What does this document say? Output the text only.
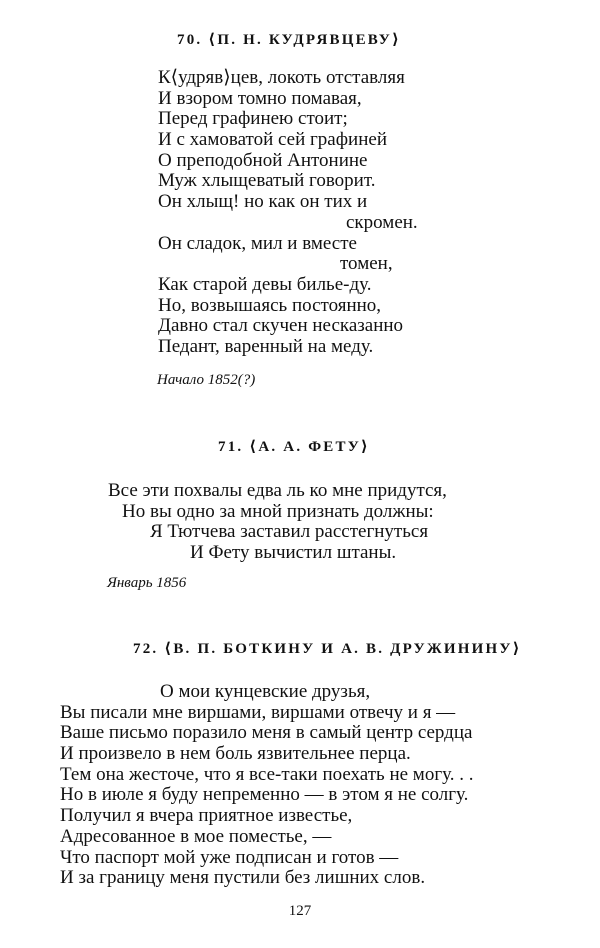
70. ⟨П. Н. КУДРЯВЦЕВУ⟩
К⟨удряв⟩цев, локоть отставляя
И взором томно помавая,
Перед графинею стоит;
И с хамоватой сей графиней
О преподобной Антонине
Муж хлыщеватый говорит.
Он хлыщ! но как он тих и
скромен.
Он сладок, мил и вместе
томен,
Как старой девы билье-ду.
Но, возвышаясь постоянно,
Давно стал скучен несказанно
Педант, варенный на меду.
Начало 1852(?)
71. ⟨А. А. ФЕТУ⟩
Все эти похвалы едва ль ко мне придутся,
Но вы одно за мной признать должны:
Я Тютчева заставил расстегнуться
И Фету вычистил штаны.
Январь 1856
72. ⟨В. П. БОТКИНУ И А. В. ДРУЖИНИНУ⟩
О мои кунцевские друзья,
Вы писали мне виршами, виршами отвечу и я —
Ваше письмо поразило меня в самый центр сердца
И произвело в нем боль язвительнее перца.
Тем она жесточе, что я все-таки поехать не могу. . .
Но в июле я буду непременно — в этом я не солгу.
Получил я вчера приятное известье,
Адресованное в мое поместье, —
Что паспорт мой уже подписан и готов —
И за границу меня пустили без лишних слов.
127
